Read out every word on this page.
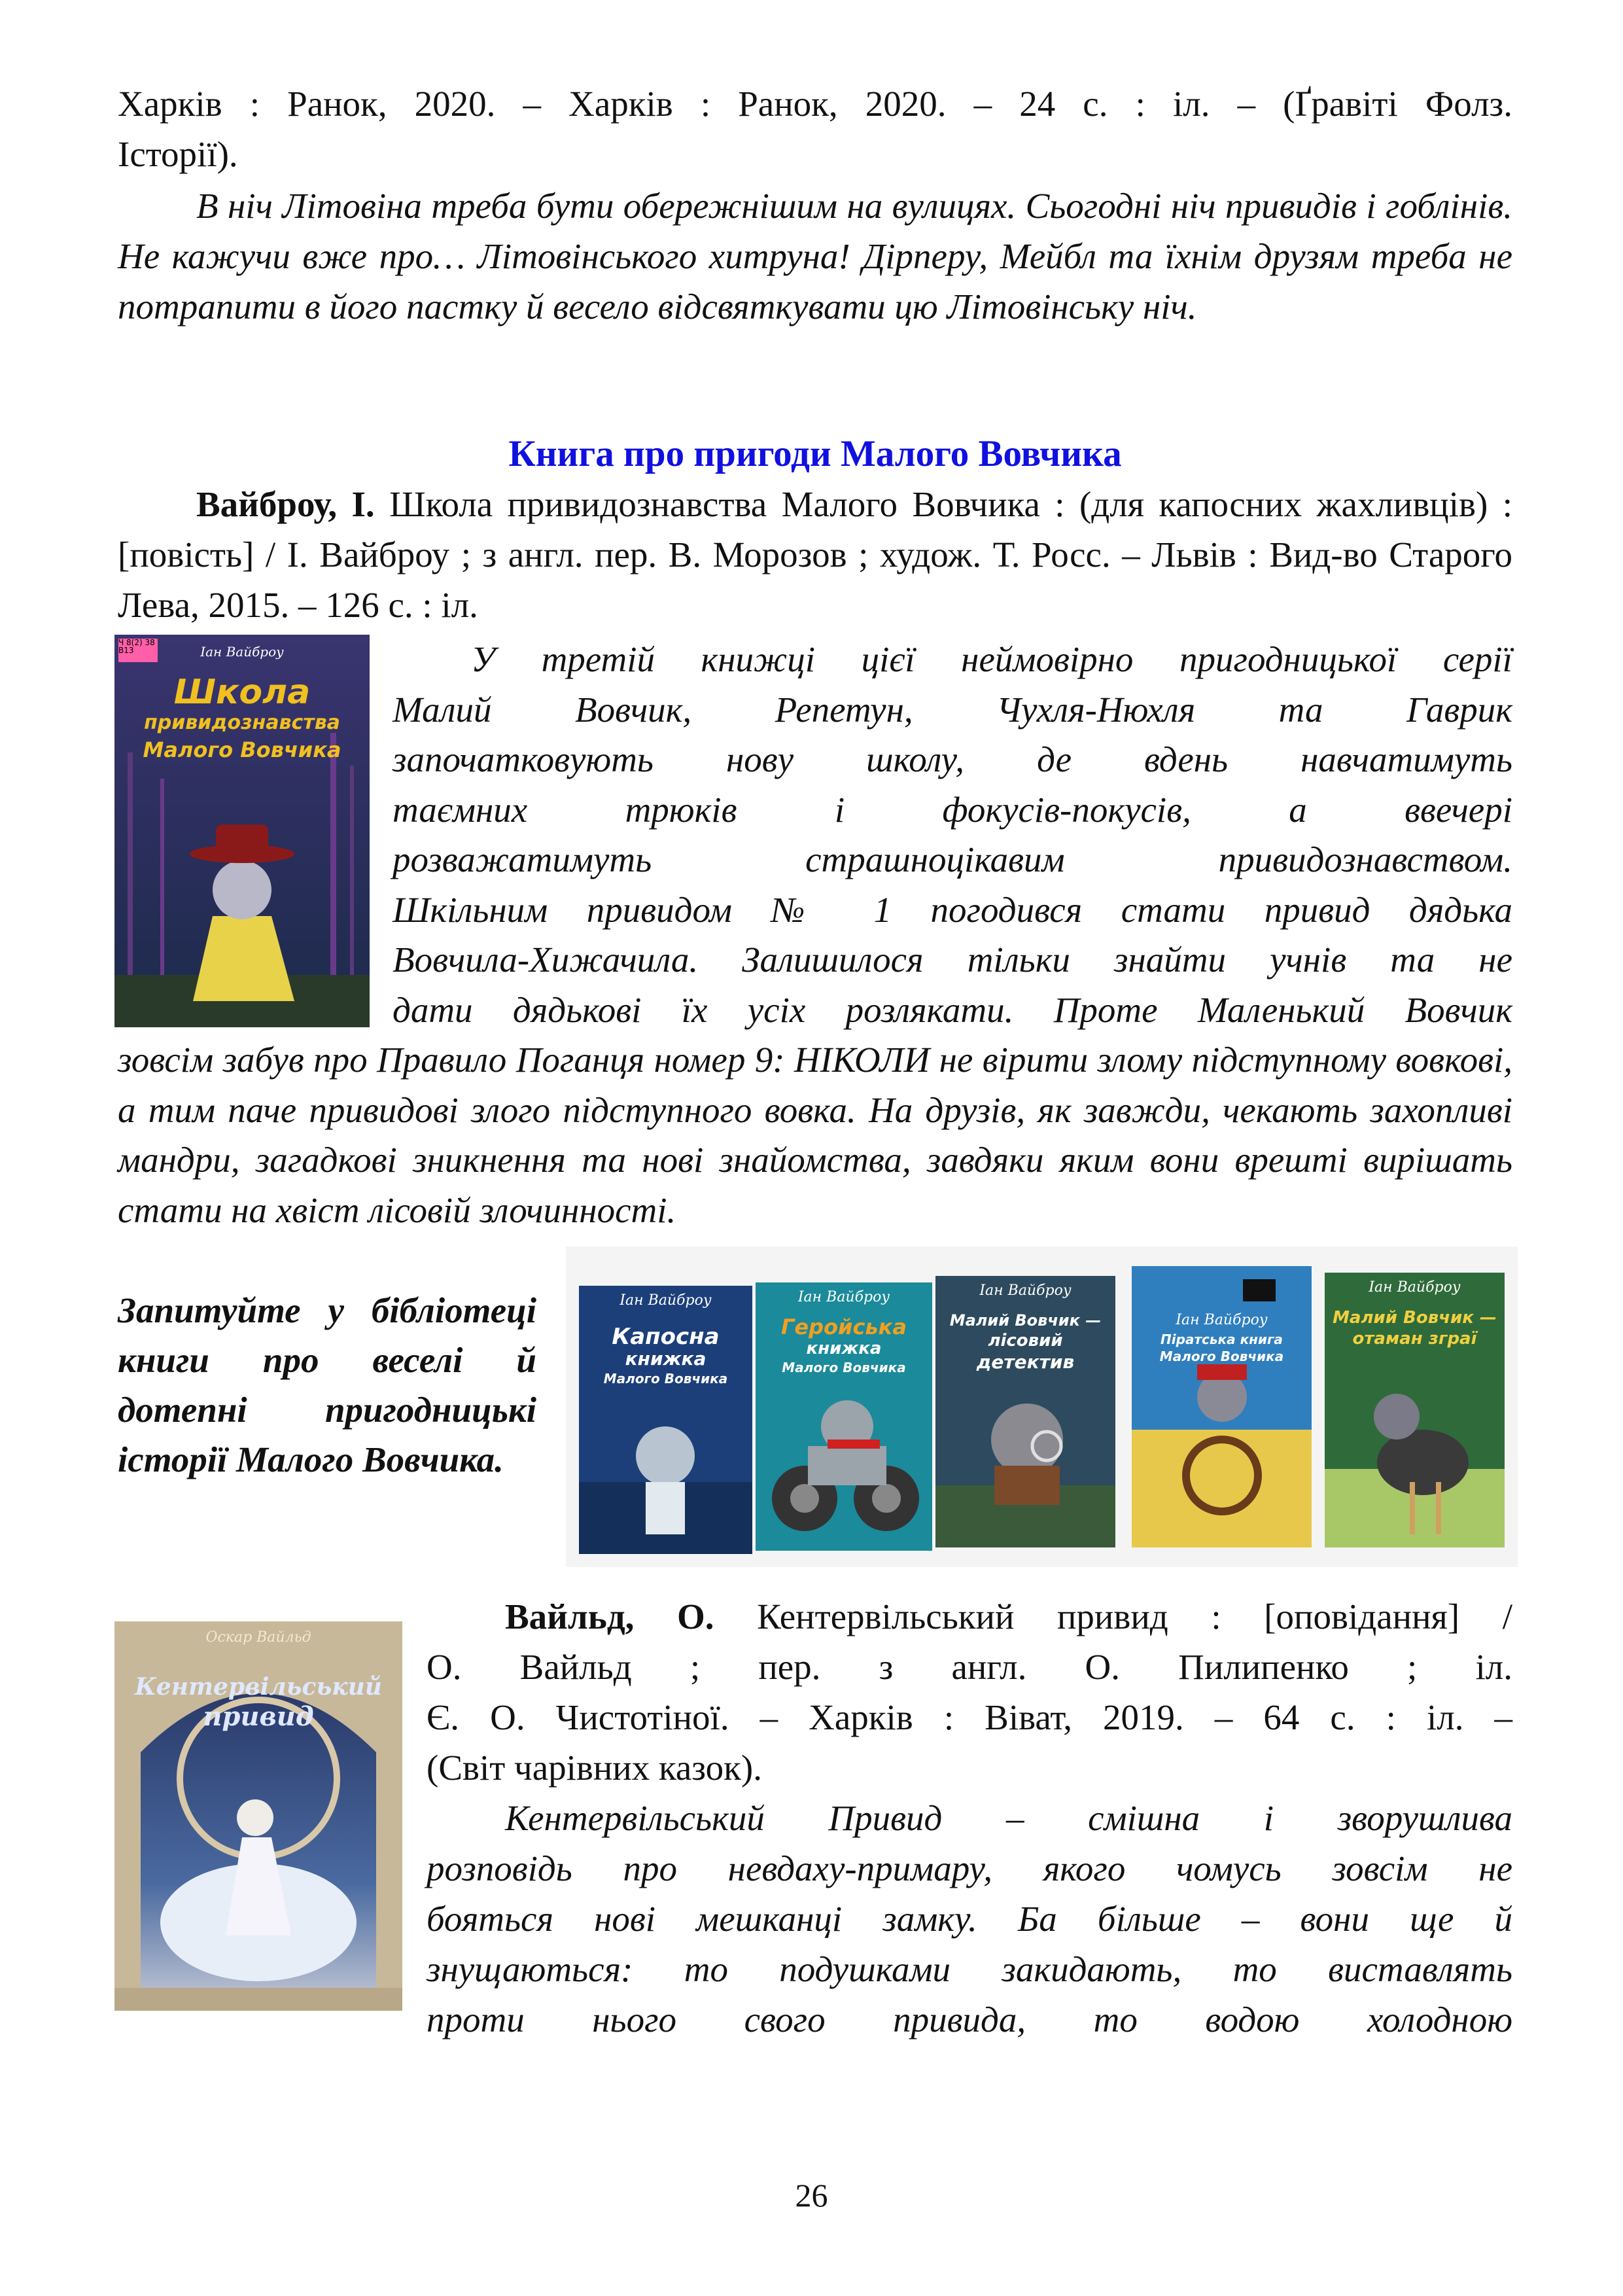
Харків : Ранок, 2020. – Харків : Ранок, 2020. – 24 с. : іл. – (Ґравіті Фолз.
Історії).

В ніч Літовіна треба бути обережнішим на вулицях. Сьогодні ніч привидів і гоблінів. Не кажучи вже про… Літовінського хитруна! Дipперу, Мейбл та їхнім друзям треба не потрапити в його пастку й весело відсвяткувати цю Літовінську ніч.

Книга про пригоди Малого Вовчика

Вайброу, І. Школа привидознавства Малого Вовчика : (для капосних жахливців) : [повість] / І. Вайброу ; з англ. пер. В. Морозов ; худож. Т. Росс. – Львів : Вид-во Старого Лева, 2015. – 126 с. : іл.

Іан Вайброу
Ч 8(2) 38 В13
Школа
привидознавства
Малого Вовчика
У третій книжці цієї неймовірно пригодницької серії
Малий Вовчик, Репетун, Чухля-Нюхля та Гаврик
започатковують нову школу, де вдень навчатимуть
таємних трюків і фокусів-покусів, а ввечері
розважатимуть страшноцікавим привидознавством.
Шкільним привидом № 1 погодився стати привид дядька
Вовчила-Хижачила. Залишилося тільки знайти учнів та не
дати дядькові їх усіх розлякати. Проте Маленький Вовчик

зовсім забув про Правило Поганця номер 9: НІКОЛИ не вірити злому підступному вовкові, а тим паче привидові злого підступного вовка. На друзів, як завжди, чекають захопливі мандри, загадкові зникнення та нові знайомства, завдяки яким вони врешті вирішать стати на хвіст лісовій злочинності.

Запитуйте у бібліотеці книги про веселі й дотепні пригодницькі історії Малого Вовчика.

Іан Вайброу
Капосна
книжка
Малого Вовчика
Іан Вайброу
Геройська
книжка
Малого Вовчика
Іан Вайброу
Малий Вовчик —
лісовий
детектив
Іан Вайброу
Піратська книга
Малого Вовчика
Іан Вайброу
Малий Вовчик —
отаман зграї
Оскар Вайльд
Кентервільський
привид
Вайльд, О. Кентервільський привид : [оповідання] /
О. Вайльд ; пер. з англ. О. Пилипенко ; іл.
Є. О. Чистотіної. – Харків : Віват, 2019. – 64 с. : іл. –
(Світ чарівних казок).
Кентервільський Привид – смішна і зворушлива
розповідь про невдаху-примару, якого чомусь зовсім не
бояться нові мешканці замку. Ба більше – вони ще й
знущаються: то подушками закидають, то виставлять
проти нього свого привида, то водою холодною
26
